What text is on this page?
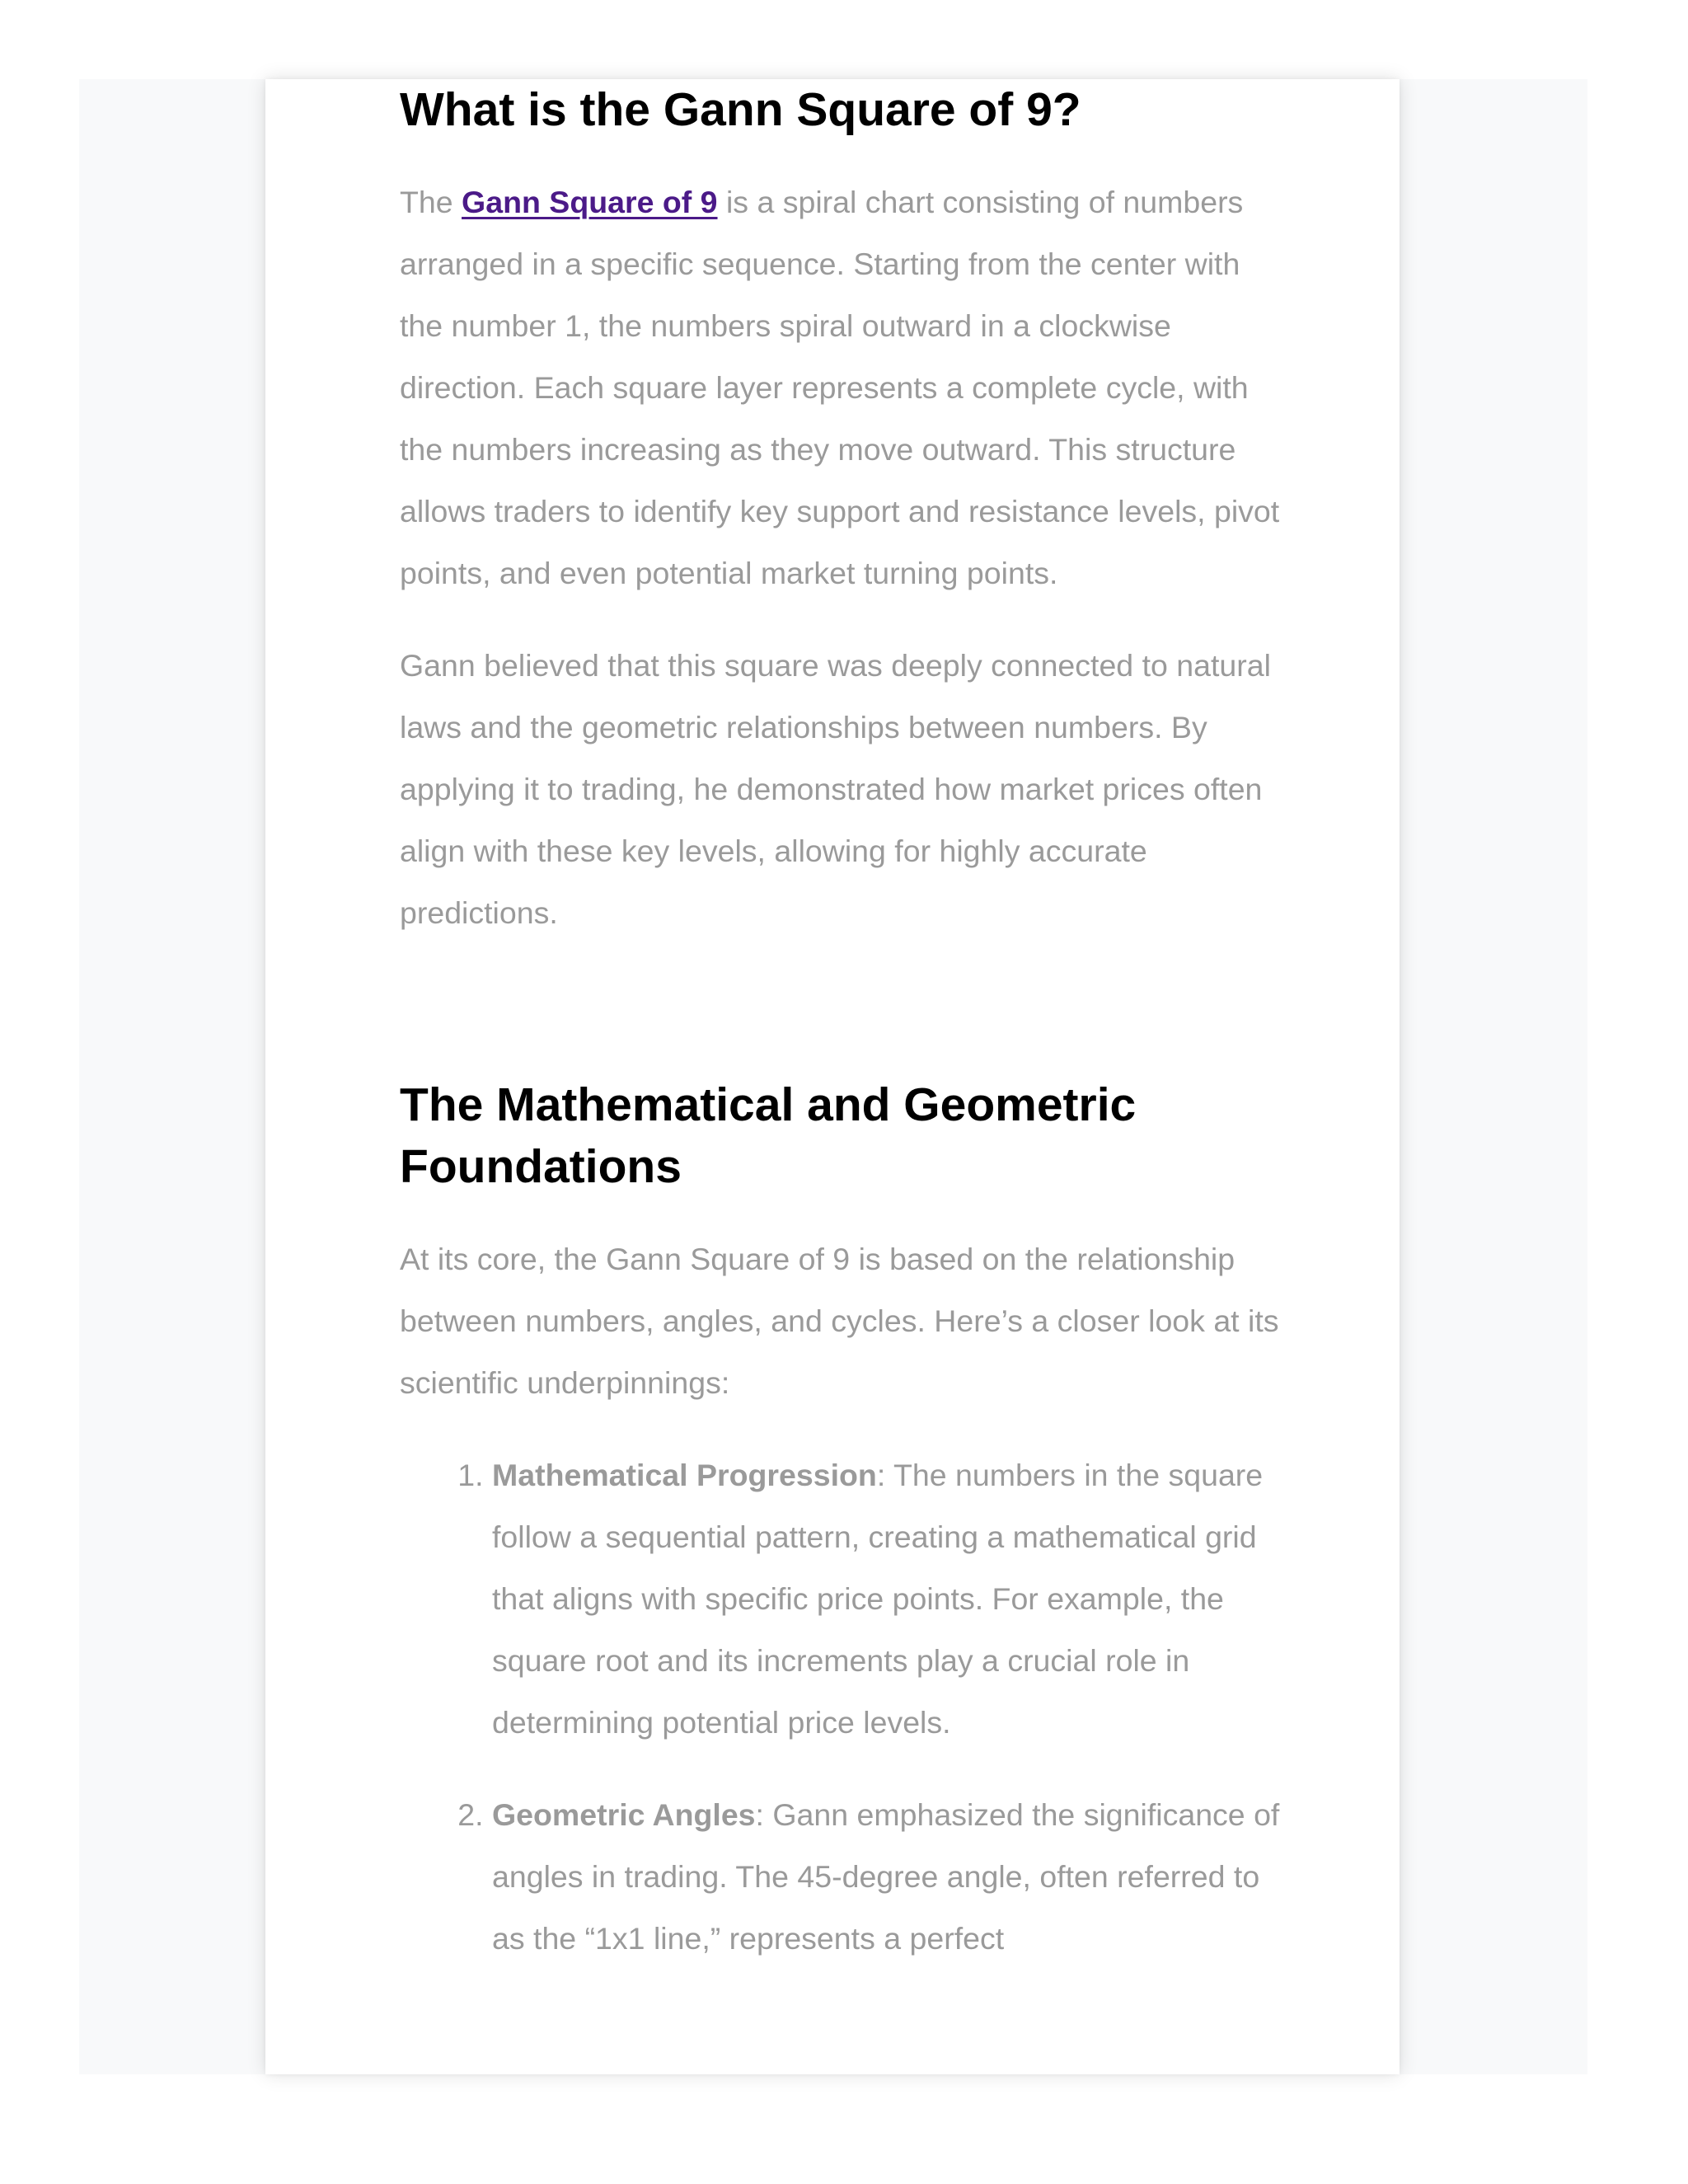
What is the Gann Square of 9?

The Gann Square of 9 is a spiral chart consisting of numbers arranged in a specific sequence. Starting from the center with the number 1, the numbers spiral outward in a clockwise direction. Each square layer represents a complete cycle, with the numbers increasing as they move outward. This structure allows traders to identify key support and resistance levels, pivot points, and even potential market turning points.

Gann believed that this square was deeply connected to natural laws and the geometric relationships between numbers. By applying it to trading, he demonstrated how market prices often align with these key levels, allowing for highly accurate predictions.

The Mathematical and Geometric Foundations

At its core, the Gann Square of 9 is based on the relationship between numbers, angles, and cycles. Here’s a closer look at its scientific underpinnings:

1. Mathematical Progression: The numbers in the square follow a sequential pattern, creating a mathematical grid that aligns with specific price points. For example, the square root and its increments play a crucial role in determining potential price levels.
2. Geometric Angles: Gann emphasized the significance of angles in trading. The 45-degree angle, often referred to as the “1x1 line,” represents a perfect
